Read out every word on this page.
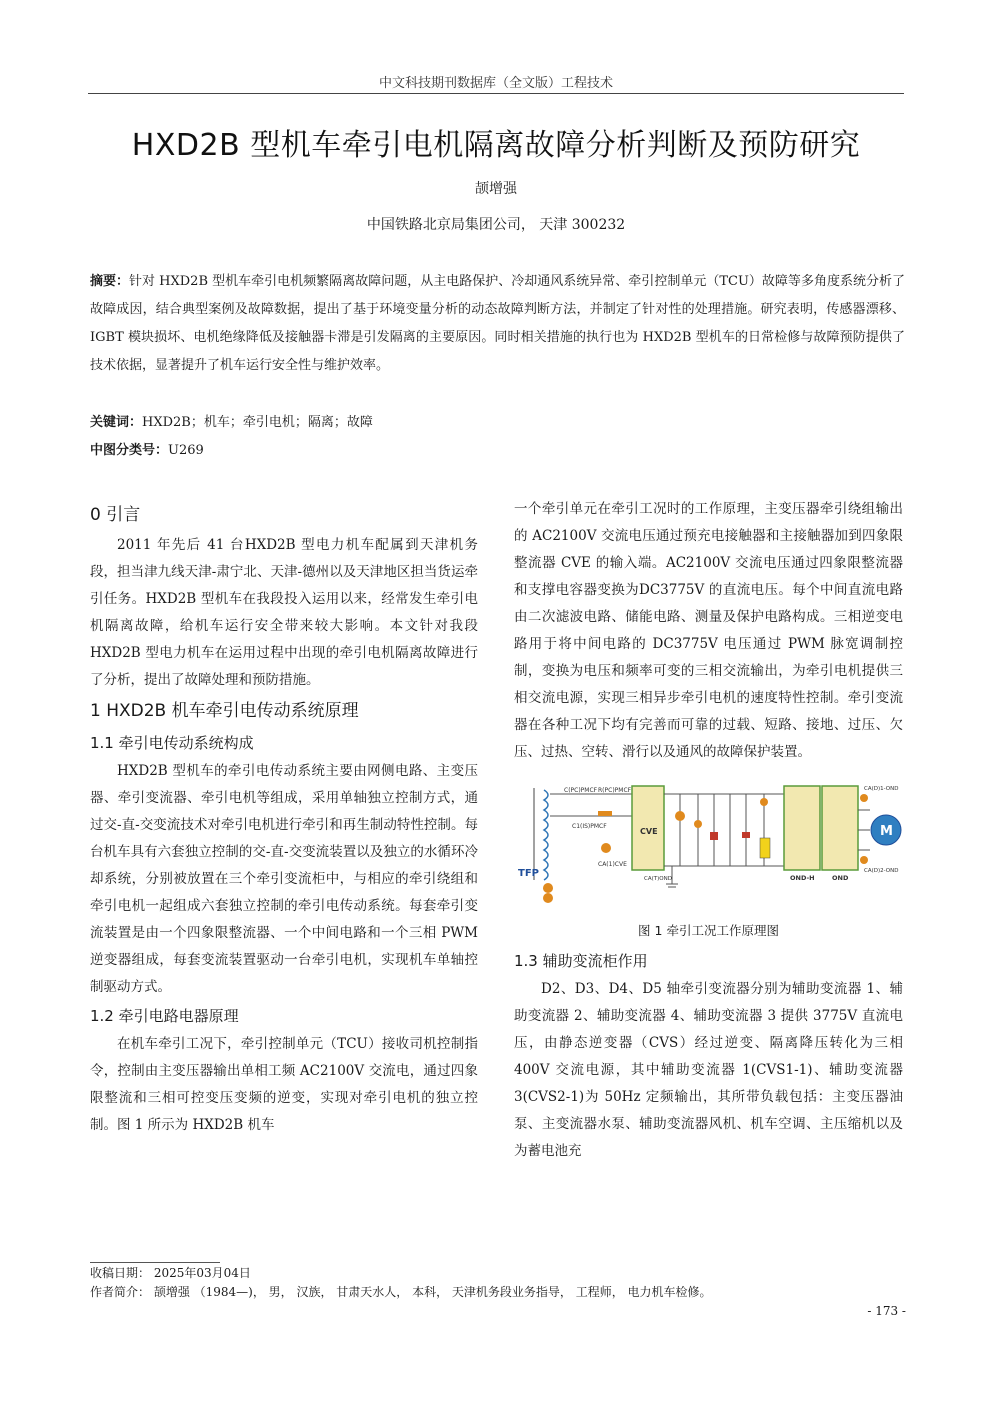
中文科技期刊数据库（全文版）工程技术
HXD2B 型机车牵引电机隔离故障分析判断及预防研究
颉增强
中国铁路北京局集团公司， 天津 300232
摘要：针对 HXD2B 型机车牵引电机频繁隔离故障问题，从主电路保护、冷却通风系统异常、牵引控制单元（TCU）故障等多角度系统分析了故障成因，结合典型案例及故障数据，提出了基于环境变量分析的动态故障判断方法，并制定了针对性的处理措施。研究表明，传感器漂移、IGBT 模块损坏、电机绝缘降低及接触器卡滞是引发隔离的主要原因。同时相关措施的执行也为 HXD2B 型机车的日常检修与故障预防提供了技术依据，显著提升了机车运行安全性与维护效率。
关键词：HXD2B；机车；牵引电机；隔离；故障
中图分类号：U269
0 引言

2011 年先后 41 台HXD2B 型电力机车配属到天津机务段，担当津九线天津-肃宁北、天津-德州以及天津地区担当货运牵引任务。HXD2B 型机车在我段投入运用以来，经常发生牵引电机隔离故障，给机车运行安全带来较大影响。本文针对我段 HXD2B 型电力机车在运用过程中出现的牵引电机隔离故障进行了分析，提出了故障处理和预防措施。

1 HXD2B 机车牵引电传动系统原理
1.1 牵引电传动系统构成

HXD2B 型机车的牵引电传动系统主要由网侧电路、主变压器、牵引变流器、牵引电机等组成，采用单轴独立控制方式，通过交-直-交变流技术对牵引电机进行牵引和再生制动特性控制。每台机车具有六套独立控制的交-直-交变流装置以及独立的水循环冷却系统，分别被放置在三个牵引变流柜中，与相应的牵引绕组和牵引电机一起组成六套独立控制的牵引电传动系统。每套牵引变流装置是由一个四象限整流器、一个中间电路和一个三相 PWM 逆变器组成，每套变流装置驱动一台牵引电机，实现机车单轴控制驱动方式。

1.2 牵引电路电器原理

在机车牵引工况下，牵引控制单元（TCU）接收司机控制指令，控制由主变压器输出单相工频 AC2100V 交流电，通过四象限整流和三相可控变压变频的逆变，实现对牵引电机的独立控制。图 1 所示为 HXD2B 机车

一个牵引单元在牵引工况时的工作原理，主变压器牵引绕组输出的 AC2100V 交流电压通过预充电接触器和主接触器加到四象限整流器 CVE 的输入端。AC2100V 交流电压通过四象限整流器和支撑电容器变换为DC3775V 的直流电压。每个中间直流电路由二次滤波电路、储能电路、测量及保护电路构成。三相逆变电路用于将中间电路的 DC3775V 电压通过 PWM 脉宽调制控制，变换为电压和频率可变的三相交流输出，为牵引电机提供三相交流电源，实现三相异步牵引电机的速度特性控制。牵引变流器在各种工况下均有完善而可靠的过载、短路、接地、过压、欠压、过热、空转、滑行以及通风的故障保护装置。

TFP
C(PC)PMCF R(PC)PMCF
C1(IS)PMCF
CA(1)CVE
CVE
OND-H	OND
CA(D)1-OND
CA(D)2-OND
M
CA(T)OND
图 1 牵引工况工作原理图
1.3 辅助变流柜作用

D2、D3、D4、D5 轴牵引变流器分别为辅助变流器 1、辅助变流器 2、辅助变流器 4、辅助变流器 3 提供 3775V 直流电压，由静态逆变器（CVS）经过逆变、隔离降压转化为三相 400V 交流电源，其中辅助变流器 1(CVS1-1)、辅助变流器 3(CVS2-1)为 50Hz 定频输出，其所带负载包括：主变压器油泵、主变流器水泵、辅助变流器风机、机车空调、主压缩机以及为蓄电池充

收稿日期： 2025年03月04日
作者简介： 颉增强 （1984—)， 男， 汉族， 甘肃天水人， 本科， 天津机务段业务指导， 工程师， 电力机车检修。
- 173 -
